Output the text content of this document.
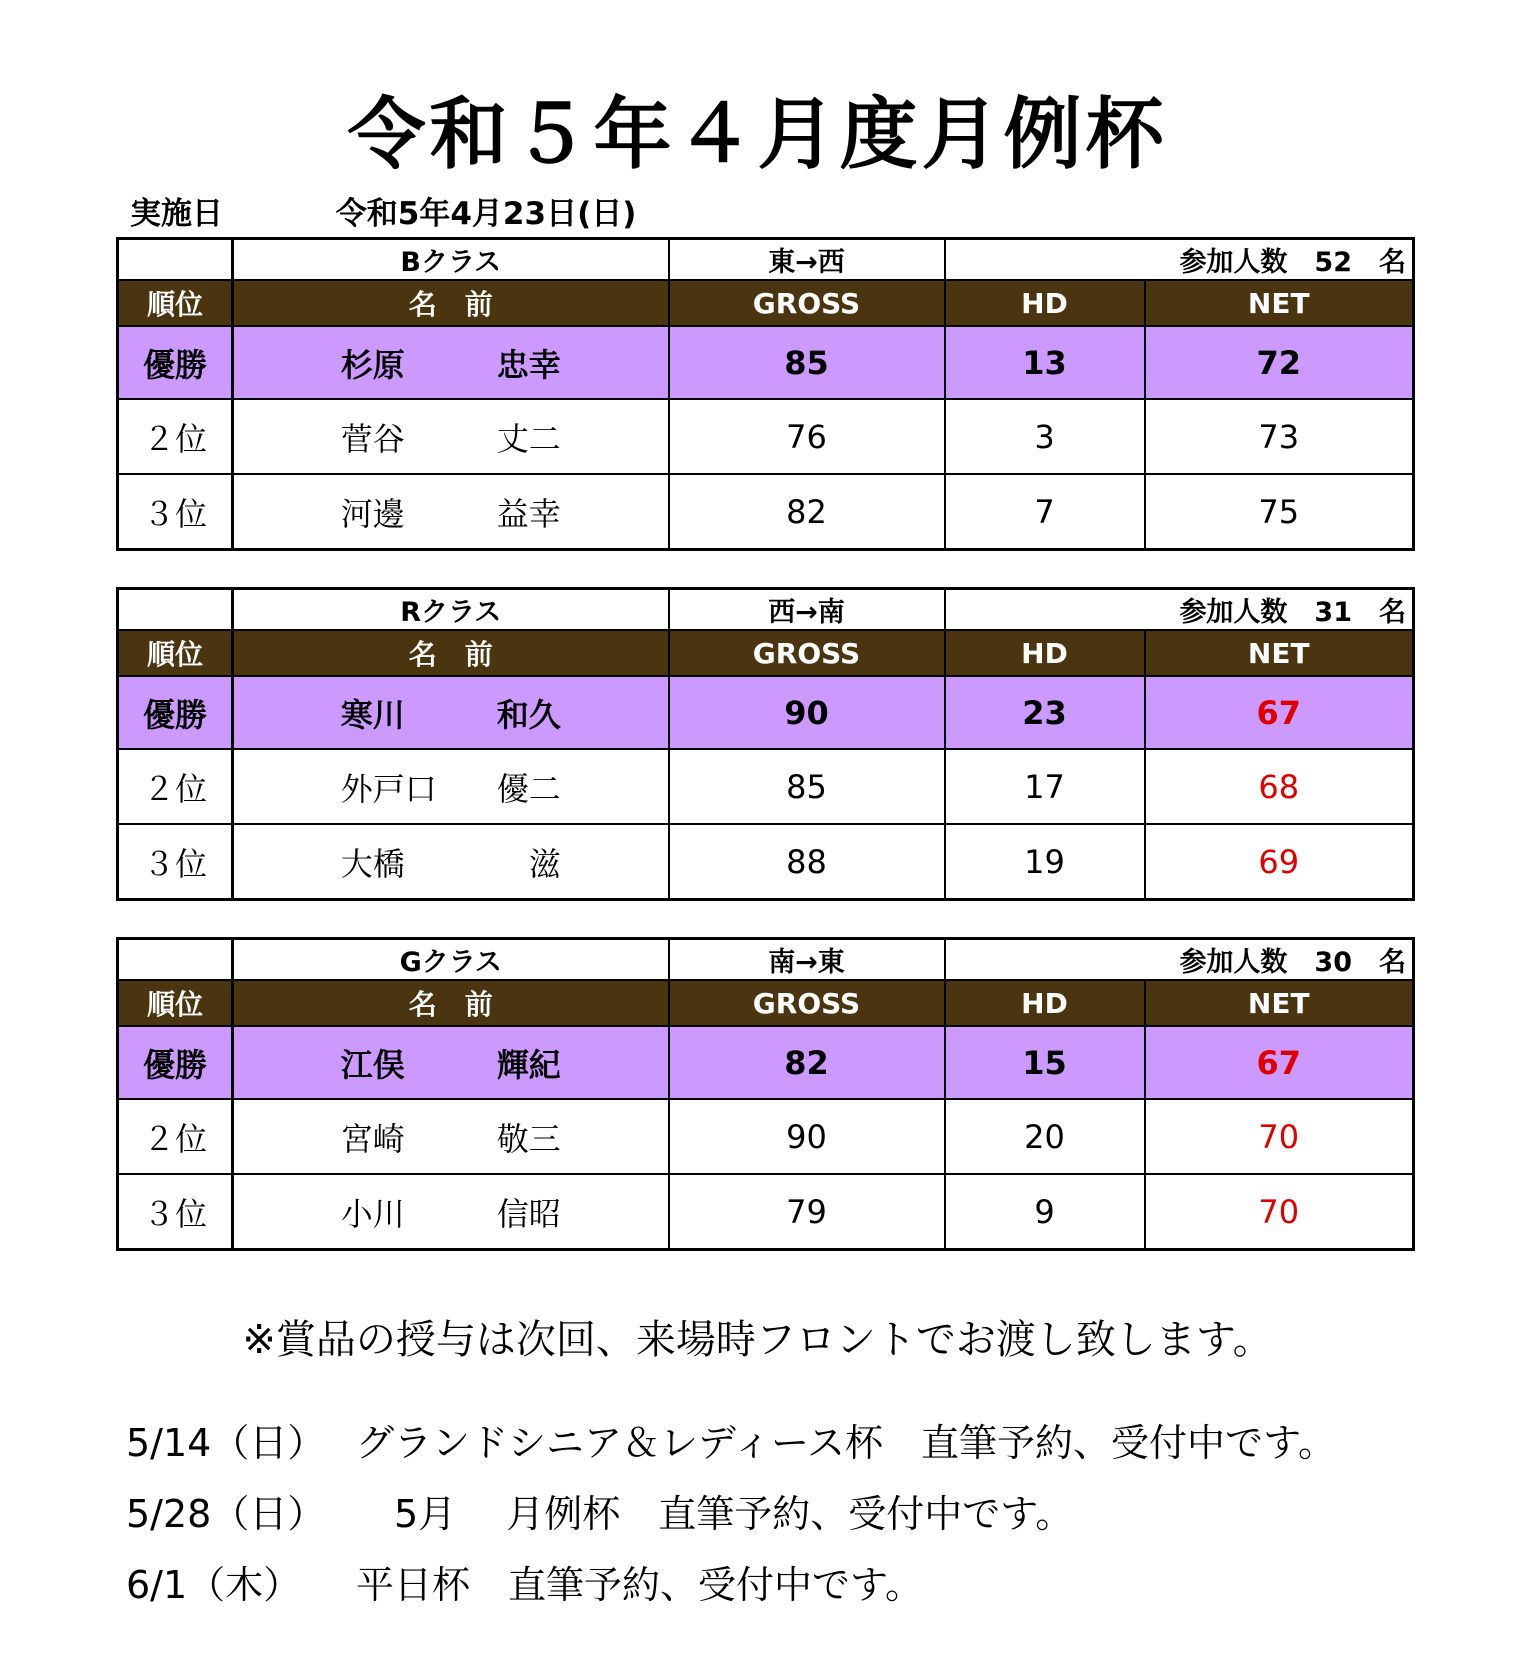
令和５年４月度月例杯
実施日	令和5年4月23日(日)
	Bクラス	東→西	参加人数　52　名	
順位	名　前	GROSS	HD	NET
優勝	杉原 忠幸	85	13	72
２位	菅谷 丈二	76	3	73
３位	河邊 益幸	82	7	75
	Rクラス	西→南	参加人数　31　名	
順位	名　前	GROSS	HD	NET
優勝	寒川 和久	90	23	67
２位	外戸口 優二	85	17	68
３位	大橋 滋	88	19	69
	Gクラス	南→東	参加人数　30　名	
順位	名　前	GROSS	HD	NET
優勝	江俣 輝紀	82	15	67
２位	宮崎 敬三	90	20	70
３位	小川 信昭	79	9	70
※賞品の授与は次回、来場時フロントでお渡し致します。
5/14（日） グランドシニア＆レディース杯　直筆予約、受付中です。
5/28（日）　5月　 月例杯　直筆予約、受付中です。
6/1（木） 平日杯　直筆予約、受付中です。
